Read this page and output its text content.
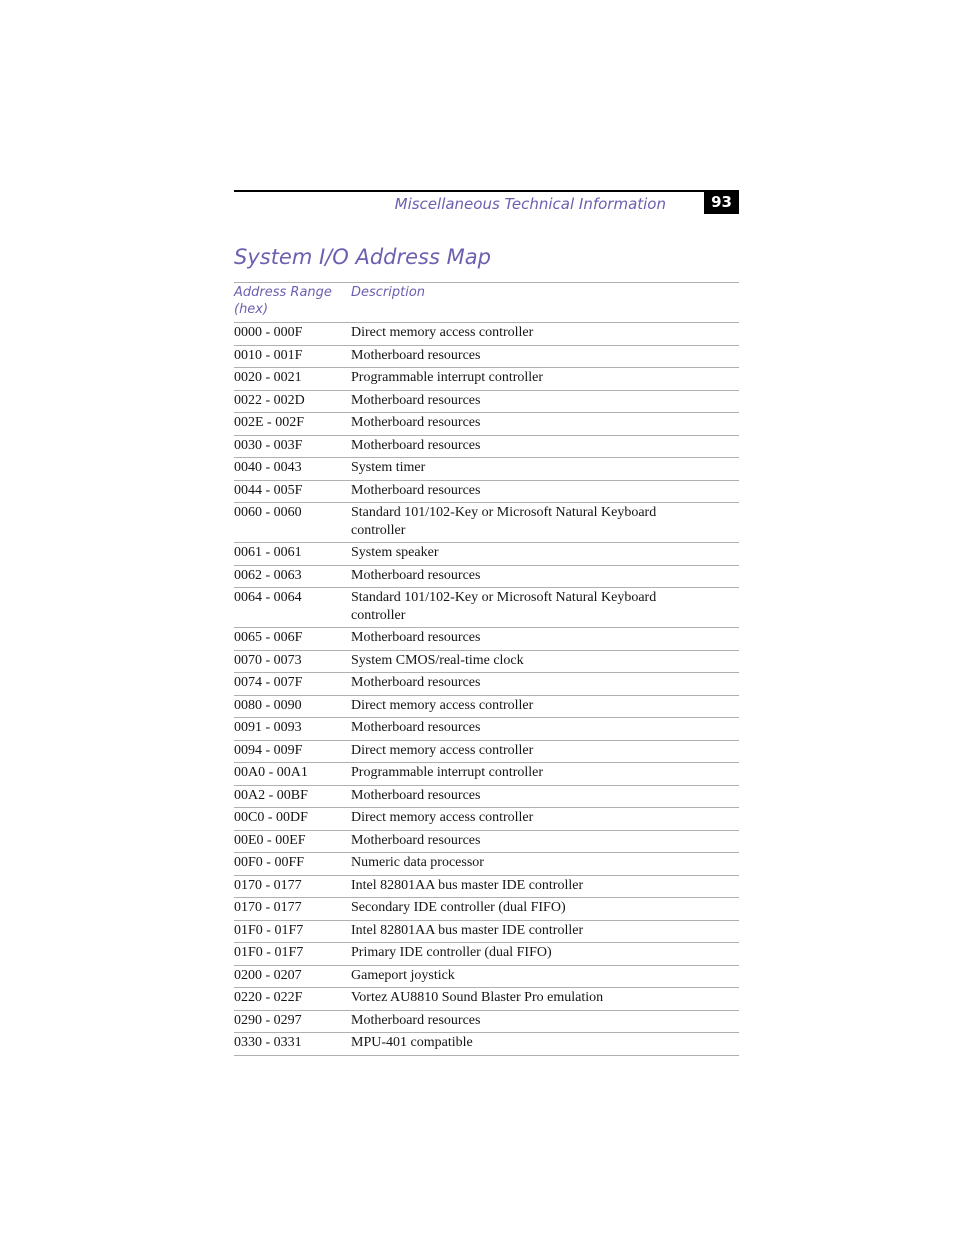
Miscellaneous Technical Information	93
System I/O Address Map
Address Range (hex)	Description
0000 - 000F	Direct memory access controller
0010 - 001F	Motherboard resources
0020 - 0021	Programmable interrupt controller
0022 - 002D	Motherboard resources
002E - 002F	Motherboard resources
0030 - 003F	Motherboard resources
0040 - 0043	System timer
0044 - 005F	Motherboard resources
0060 - 0060	Standard 101/102-Key or Microsoft Natural Keyboard controller
0061 - 0061	System speaker
0062 - 0063	Motherboard resources
0064 - 0064	Standard 101/102-Key or Microsoft Natural Keyboard controller
0065 - 006F	Motherboard resources
0070 - 0073	System CMOS/real-time clock
0074 - 007F	Motherboard resources
0080 - 0090	Direct memory access controller
0091 - 0093	Motherboard resources
0094 - 009F	Direct memory access controller
00A0 - 00A1	Programmable interrupt controller
00A2 - 00BF	Motherboard resources
00C0 - 00DF	Direct memory access controller
00E0 - 00EF	Motherboard resources
00F0 - 00FF	Numeric data processor
0170 - 0177	Intel 82801AA bus master IDE controller
0170 - 0177	Secondary IDE controller (dual FIFO)
01F0 - 01F7	Intel 82801AA bus master IDE controller
01F0 - 01F7	Primary IDE controller (dual FIFO)
0200 - 0207	Gameport joystick
0220 - 022F	Vortez AU8810 Sound Blaster Pro emulation
0290 - 0297	Motherboard resources
0330 - 0331	MPU-401 compatible
